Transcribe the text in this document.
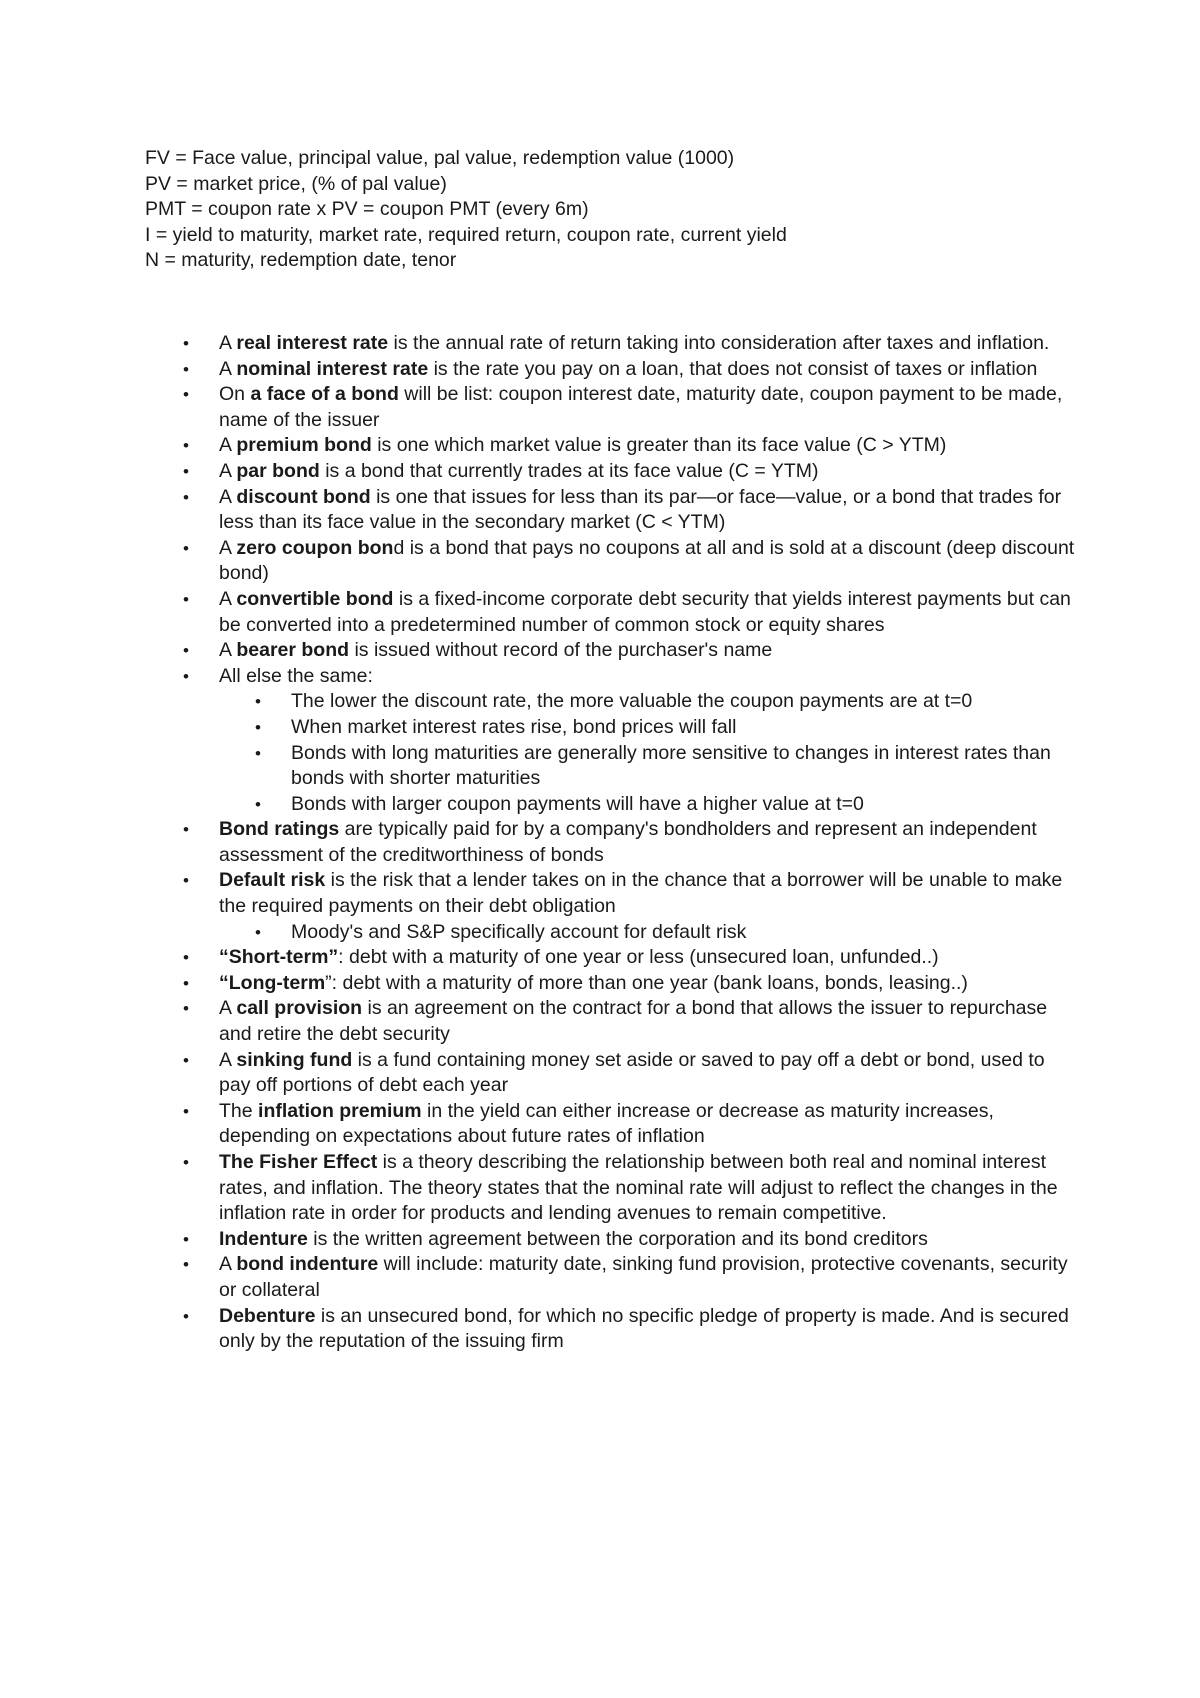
FV = Face value, principal value, pal value, redemption value (1000)
PV = market price, (% of pal value)
PMT = coupon rate x PV = coupon PMT (every 6m)
I = yield to maturity, market rate, required return, coupon rate, current yield
N = maturity, redemption date, tenor
• A real interest rate is the annual rate of return taking into consideration after taxes and inflation.
• A nominal interest rate is the rate you pay on a loan, that does not consist of taxes or inflation
• On a face of a bond will be list: coupon interest date, maturity date, coupon payment to be made, name of the issuer
• A premium bond is one which market value is greater than its face value (C > YTM)
• A par bond is a bond that currently trades at its face value (C = YTM)
• A discount bond is one that issues for less than its par—or face—value, or a bond that trades for less than its face value in the secondary market (C < YTM)
• A zero coupon bond is a bond that pays no coupons at all and is sold at a discount (deep discount bond)
• A convertible bond is a fixed-income corporate debt security that yields interest payments but can be converted into a predetermined number of common stock or equity shares
• A bearer bond is issued without record of the purchaser's name
• All else the same:
• The lower the discount rate, the more valuable the coupon payments are at t=0
• When market interest rates rise, bond prices will fall
• Bonds with long maturities are generally more sensitive to changes in interest rates than bonds with shorter maturities
• Bonds with larger coupon payments will have a higher value at t=0
• Bond ratings are typically paid for by a company's bondholders and represent an independent assessment of the creditworthiness of bonds
• Default risk is the risk that a lender takes on in the chance that a borrower will be unable to make the required payments on their debt obligation
• Moody's and S&P specifically account for default risk
• “Short-term”: debt with a maturity of one year or less (unsecured loan, unfunded..)
• “Long-term”: debt with a maturity of more than one year (bank loans, bonds, leasing..)
• A call provision is an agreement on the contract for a bond that allows the issuer to repurchase and retire the debt security
• A sinking fund is a fund containing money set aside or saved to pay off a debt or bond, used to pay off portions of debt each year
• The inflation premium in the yield can either increase or decrease as maturity increases, depending on expectations about future rates of inflation
• The Fisher Effect is a theory describing the relationship between both real and nominal interest rates, and inflation. The theory states that the nominal rate will adjust to reflect the changes in the inflation rate in order for products and lending avenues to remain competitive.
• Indenture is the written agreement between the corporation and its bond creditors
• A bond indenture will include: maturity date, sinking fund provision, protective covenants, security or collateral
• Debenture is an unsecured bond, for which no specific pledge of property is made. And is secured only by the reputation of the issuing firm
